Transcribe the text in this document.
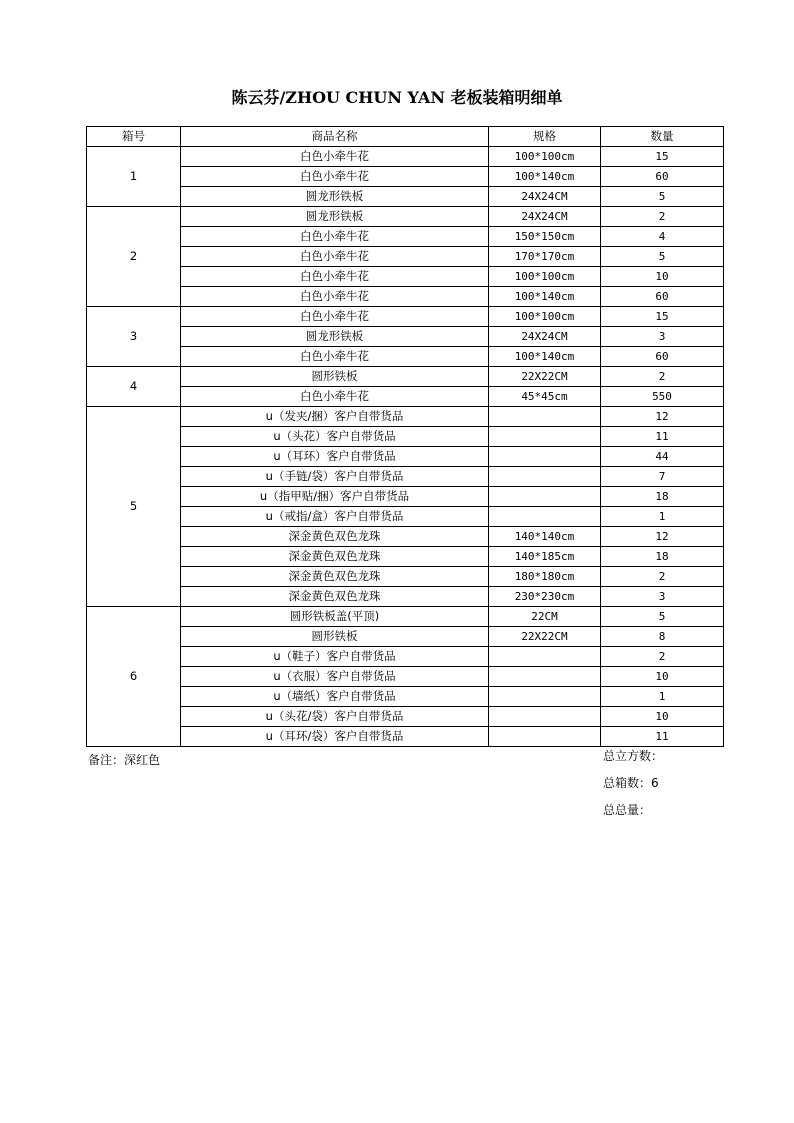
陈云芬/ZHOU CHUN YAN 老板装箱明细单
箱号	商品名称	规格	数量
1	白色小牵牛花	100*100cm	15
	白色小牵牛花	100*140cm	60
	圆龙形铁板	24X24CM	5
2	圆龙形铁板	24X24CM	2
	白色小牵牛花	150*150cm	4
	白色小牵牛花	170*170cm	5
	白色小牵牛花	100*100cm	10
	白色小牵牛花	100*140cm	60
3	白色小牵牛花	100*100cm	15
	圆龙形铁板	24X24CM	3
	白色小牵牛花	100*140cm	60
4	圆形铁板	22X22CM	2
	白色小牵牛花	45*45cm	550
5	u（发夹/捆）客户自带货品		12
	u（头花）客户自带货品		11
	u（耳环）客户自带货品		44
	u（手链/袋）客户自带货品		7
	u（指甲贴/捆）客户自带货品		18
	u（戒指/盒）客户自带货品		1
	深金黄色双色龙珠	140*140cm	12
	深金黄色双色龙珠	140*185cm	18
	深金黄色双色龙珠	180*180cm	2
	深金黄色双色龙珠	230*230cm	3
6	圆形铁板盖(平顶)	22CM	5
	圆形铁板	22X22CM	8
	u（鞋子）客户自带货品		2
	u（衣服）客户自带货品		10
	u（墙纸）客户自带货品		1
	u（头花/袋）客户自带货品		10
	u（耳环/袋）客户自带货品		11
备注：深红色	总立方数：
总箱数：6
总总量：
